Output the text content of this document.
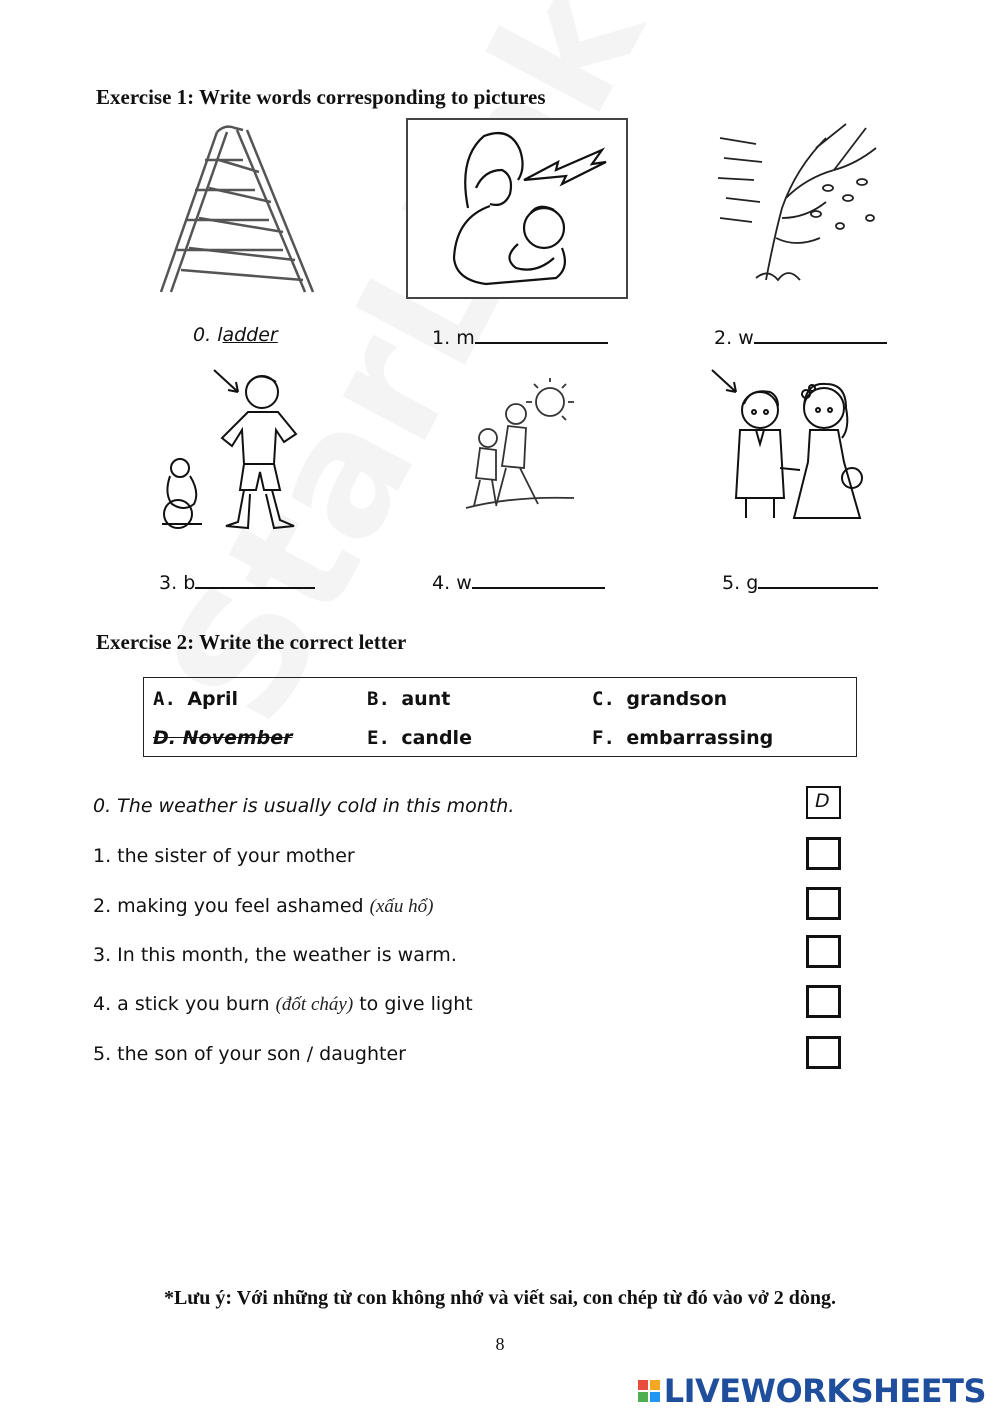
Exercise 1: Write words corresponding to pictures
0. ladder	1. m	2. w
3. b	4. w	5. g
Exercise 2: Write the correct letter
A. April	B. aunt	C. grandson
D. November	E. candle	F. embarrassing
0. The weather is usually cold in this month.	D
1. the sister of your mother
2. making you feel ashamed (xấu hổ)
3. In this month, the weather is warm.
4. a stick you burn (đốt cháy) to give light
5. the son of your son / daughter
*Lưu ý: Với những từ con không nhớ và viết sai, con chép từ đó vào vở 2 dòng.
8
LIVEWORKSHEETS
